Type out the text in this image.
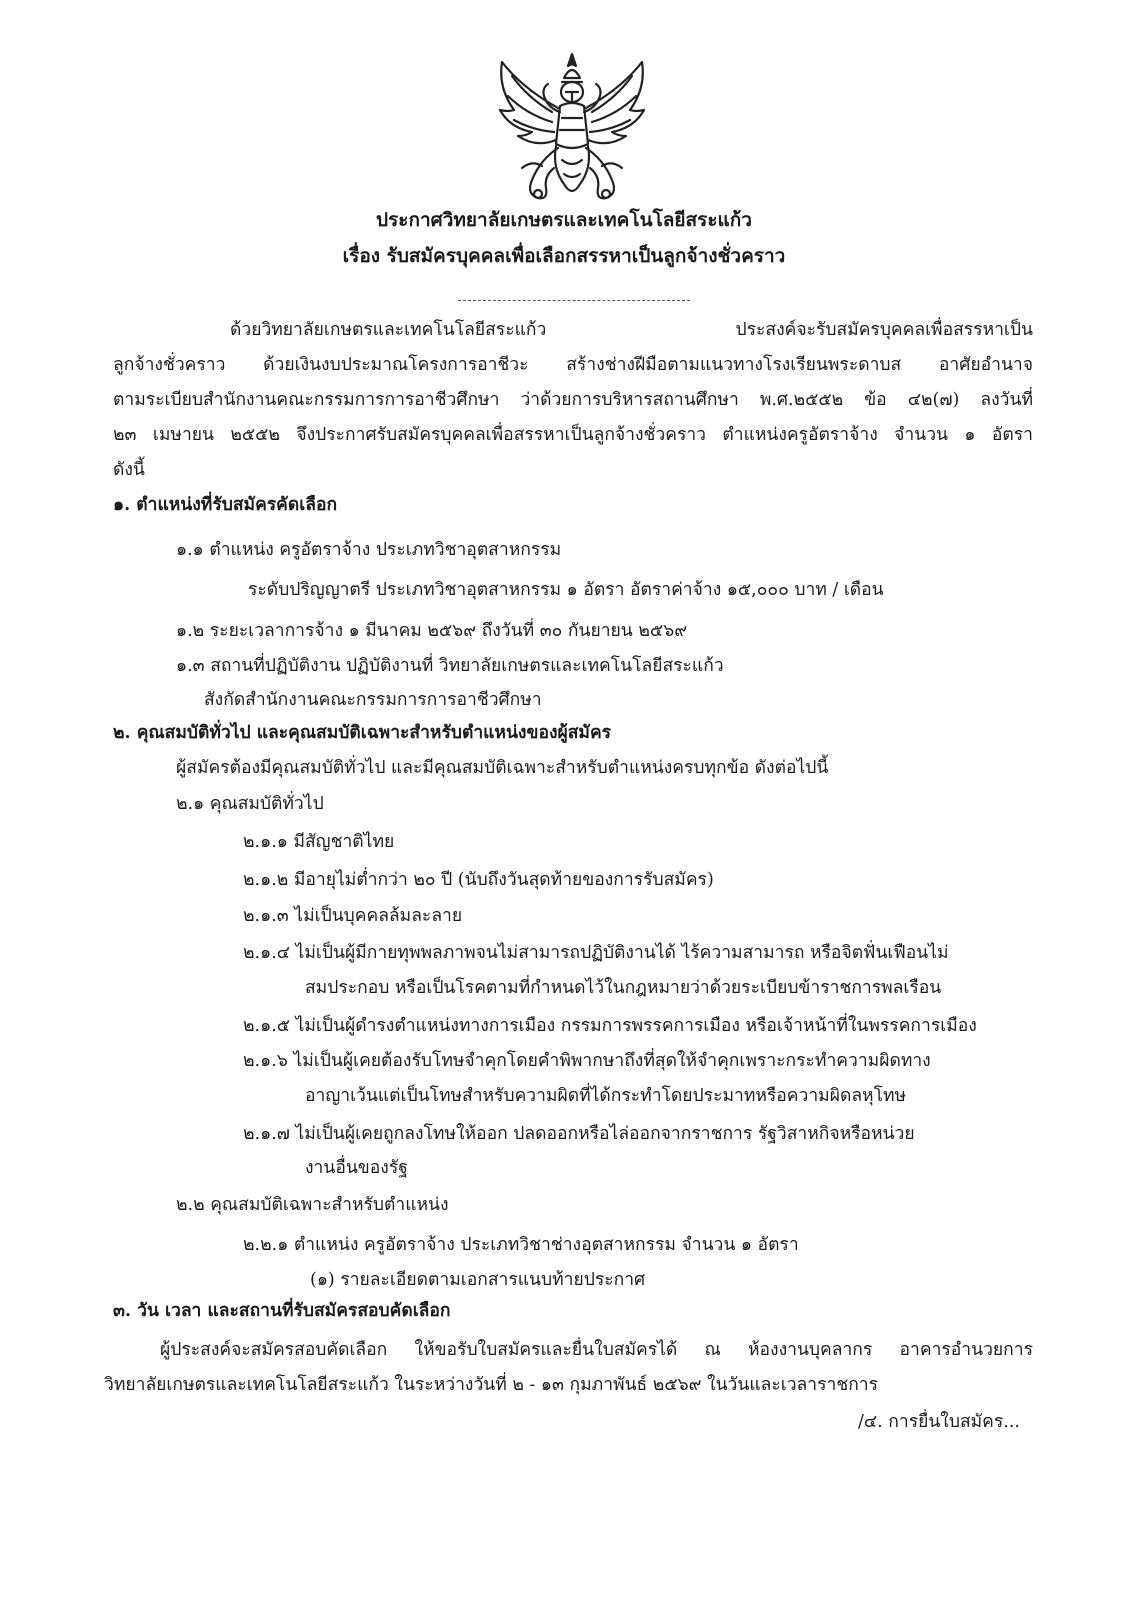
ประกาศวิทยาลัยเกษตรและเทคโนโลยีสระแก้ว
เรื่อง รับสมัครบุคคลเพื่อเลือกสรรหาเป็นลูกจ้างชั่วคราว
ด้วยวิทยาลัยเกษตรและเทคโนโลยีสระแก้ว ประสงค์จะรับสมัครบุคคลเพื่อสรรหาเป็น
ลูกจ้างชั่วคราว ด้วยเงินงบประมาณโครงการอาชีวะ สร้างช่างฝีมือตามแนวทางโรงเรียนพระดาบส อาศัยอำนาจ
ตามระเบียบสำนักงานคณะกรรมการการอาชีวศึกษา ว่าด้วยการบริหารสถานศึกษา พ.ศ.๒๕๕๒ ข้อ ๔๒(๗) ลงวันที่
๒๓ เมษายน ๒๕๕๒ จึงประกาศรับสมัครบุคคลเพื่อสรรหาเป็นลูกจ้างชั่วคราว ตำแหน่งครูอัตราจ้าง จำนวน ๑ อัตรา
ดังนี้
๑. ตำแหน่งที่รับสมัครคัดเลือก
๑.๑ ตำแหน่ง ครูอัตราจ้าง ประเภทวิชาอุตสาหกรรม
ระดับปริญญาตรี ประเภทวิชาอุตสาหกรรม ๑ อัตรา อัตราค่าจ้าง ๑๕,๐๐๐ บาท / เดือน
๑.๒ ระยะเวลาการจ้าง ๑ มีนาคม ๒๕๖๙ ถึงวันที่ ๓๐ กันยายน ๒๕๖๙
๑.๓ สถานที่ปฏิบัติงาน ปฏิบัติงานที่ วิทยาลัยเกษตรและเทคโนโลยีสระแก้ว
สังกัดสำนักงานคณะกรรมการการอาชีวศึกษา
๒. คุณสมบัติทั่วไป และคุณสมบัติเฉพาะสำหรับตำแหน่งของผู้สมัคร
ผู้สมัครต้องมีคุณสมบัติทั่วไป และมีคุณสมบัติเฉพาะสำหรับตำแหน่งครบทุกข้อ ดังต่อไปนี้
๒.๑ คุณสมบัติทั่วไป
๒.๑.๑ มีสัญชาติไทย
๒.๑.๒ มีอายุไม่ต่ำกว่า ๒๐ ปี (นับถึงวันสุดท้ายของการรับสมัคร)
๒.๑.๓ ไม่เป็นบุคคลล้มละลาย
๒.๑.๔ ไม่เป็นผู้มีกายทุพพลภาพจนไม่สามารถปฏิบัติงานได้ ไร้ความสามารถ หรือจิตฟั่นเฟือนไม่
สมประกอบ หรือเป็นโรคตามที่กำหนดไว้ในกฎหมายว่าด้วยระเบียบข้าราชการพลเรือน
๒.๑.๕ ไม่เป็นผู้ดำรงตำแหน่งทางการเมือง กรรมการพรรคการเมือง หรือเจ้าหน้าที่ในพรรคการเมือง
๒.๑.๖ ไม่เป็นผู้เคยต้องรับโทษจำคุกโดยคำพิพากษาถึงที่สุดให้จำคุกเพราะกระทำความผิดทาง
อาญาเว้นแต่เป็นโทษสำหรับความผิดที่ได้กระทำโดยประมาทหรือความผิดลหุโทษ
๒.๑.๗ ไม่เป็นผู้เคยถูกลงโทษให้ออก ปลดออกหรือไล่ออกจากราชการ รัฐวิสาหกิจหรือหน่วย
งานอื่นของรัฐ
๒.๒ คุณสมบัติเฉพาะสำหรับตำแหน่ง
๒.๒.๑ ตำแหน่ง ครูอัตราจ้าง ประเภทวิชาช่างอุตสาหกรรม จำนวน ๑ อัตรา
(๑) รายละเอียดตามเอกสารแนบท้ายประกาศ
๓. วัน เวลา และสถานที่รับสมัครสอบคัดเลือก
ผู้ประสงค์จะสมัครสอบคัดเลือก ให้ขอรับใบสมัครและยื่นใบสมัครได้ ณ ห้องงานบุคลากร อาคารอำนวยการ
วิทยาลัยเกษตรและเทคโนโลยีสระแก้ว ในระหว่างวันที่ ๒ - ๑๓ กุมภาพันธ์ ๒๕๖๙ ในวันและเวลาราชการ
/๔. การยื่นใบสมัคร...
